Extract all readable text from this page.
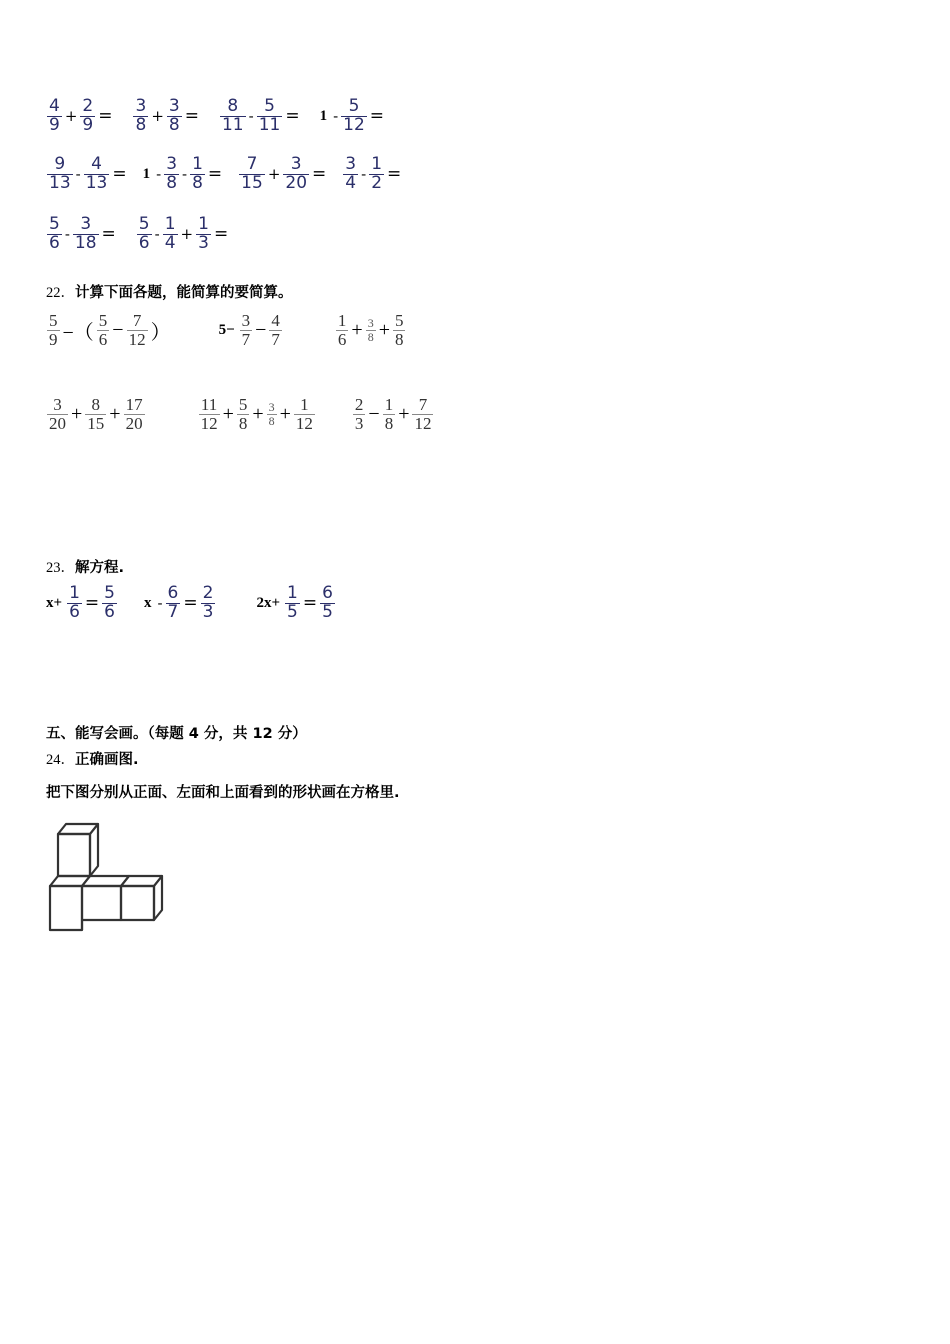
$\frac{4}{9} + \frac{2}{9} = \frac{3}{8} + \frac{3}{8} = \frac{8}{11} - \frac{5}{11} = 1 - \frac{5}{12}$ =
$\frac{9}{13} - \frac{4}{13} = 1 - \frac{3}{8} - \frac{1}{8} = \frac{7}{15} + \frac{3}{20} = \frac{3}{4} - \frac{1}{2}$ =
$\frac{5}{6} - \frac{3}{18} = \frac{5}{6} - \frac{1}{4} + \frac{1}{3}$ =
22．计算下面各题，能简算的要简算。
$\frac{5}{9}$ −（ $\frac{5}{6} - \frac{7}{12}$ ）	$5- \frac{3}{7} - \frac{4}{7}$	$\frac{1}{6} + \frac{3}{8} + \frac{5}{8}$
$\frac{3}{20} + \frac{8}{15} + \frac{17}{20}$	$\frac{11}{12} + \frac{5}{8} + \frac{3}{8} + \frac{1}{12} \frac{2}{3} - \frac{1}{8} + \frac{7}{12}$
23．解方程.
$x+ \frac{1}{6} = \frac{5}{6}$ $x - \frac{6}{7} = \frac{2}{3}$	$2x+ \frac{1}{5} = \frac{6}{5}$
五、能写会画。（每题 4 分，共 12 分）
24．正确画图.
把下图分别从正面、左面和上面看到的形状画在方格里.
